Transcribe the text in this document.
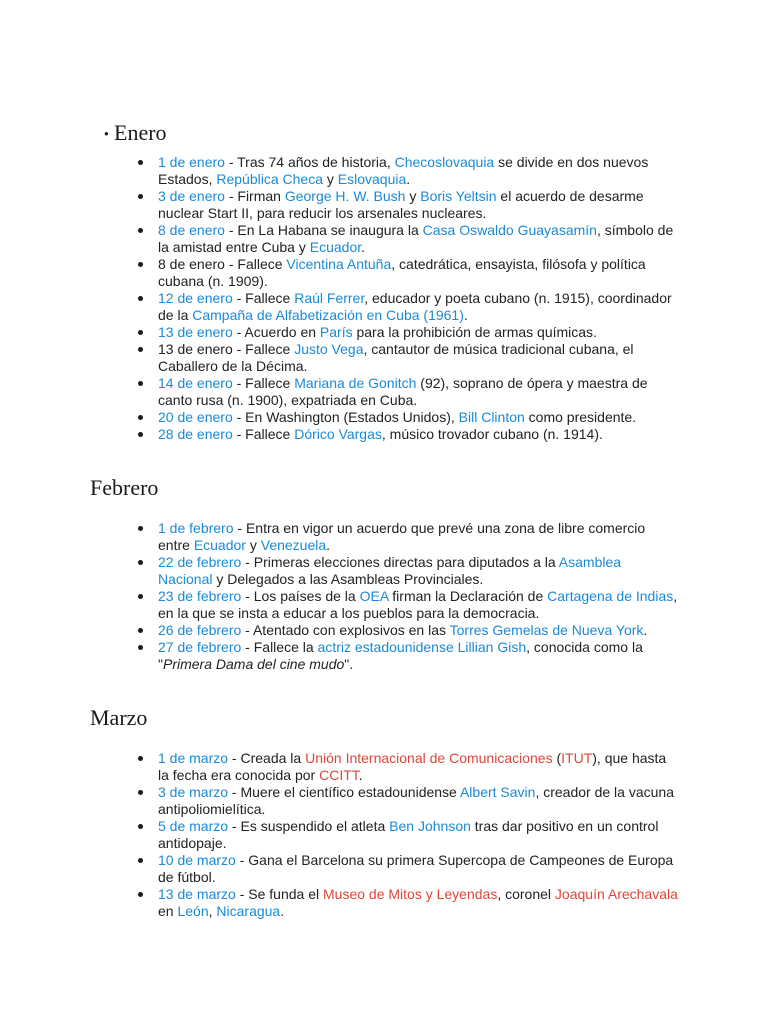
●
Enero
1 de enero - Tras 74 años de historia, Checoslovaquia se divide en dos nuevos Estados, República Checa y Eslovaquia.
3 de enero - Firman George H. W. Bush y Boris Yeltsin el acuerdo de desarme nuclear Start II, para reducir los arsenales nucleares.
8 de enero - En La Habana se inaugura la Casa Oswaldo Guayasamín, símbolo de la amistad entre Cuba y Ecuador.
8 de enero - Fallece Vicentina Antuña, catedrática, ensayista, filósofa y política cubana (n. 1909).
12 de enero - Fallece Raúl Ferrer, educador y poeta cubano (n. 1915), coordinador de la Campaña de Alfabetización en Cuba (1961).
13 de enero - Acuerdo en París para la prohibición de armas químicas.
13 de enero - Fallece Justo Vega, cantautor de música tradicional cubana, el Caballero de la Décima.
14 de enero - Fallece Mariana de Gonitch (92), soprano de ópera y maestra de canto rusa (n. 1900), expatriada en Cuba.
20 de enero - En Washington (Estados Unidos), Bill Clinton como presidente.
28 de enero - Fallece Dórico Vargas, músico trovador cubano (n. 1914).
Febrero
1 de febrero - Entra en vigor un acuerdo que prevé una zona de libre comercio entre Ecuador y Venezuela.
22 de febrero - Primeras elecciones directas para diputados a la Asamblea Nacional y Delegados a las Asambleas Provinciales.
23 de febrero - Los países de la OEA firman la Declaración de Cartagena de Indias, en la que se insta a educar a los pueblos para la democracia.
26 de febrero - Atentado con explosivos en las Torres Gemelas de Nueva York.
27 de febrero - Fallece la actriz estadounidense Lillian Gish, conocida como la "Primera Dama del cine mudo".
Marzo
1 de marzo - Creada la Unión Internacional de Comunicaciones (ITUT), que hasta la fecha era conocida por CCITT.
3 de marzo - Muere el científico estadounidense Albert Savin, creador de la vacuna antipoliomielítica.
5 de marzo - Es suspendido el atleta Ben Johnson tras dar positivo en un control antidopaje.
10 de marzo - Gana el Barcelona su primera Supercopa de Campeones de Europa de fútbol.
13 de marzo - Se funda el Museo de Mitos y Leyendas, coronel Joaquín Arechavala en León, Nicaragua.
